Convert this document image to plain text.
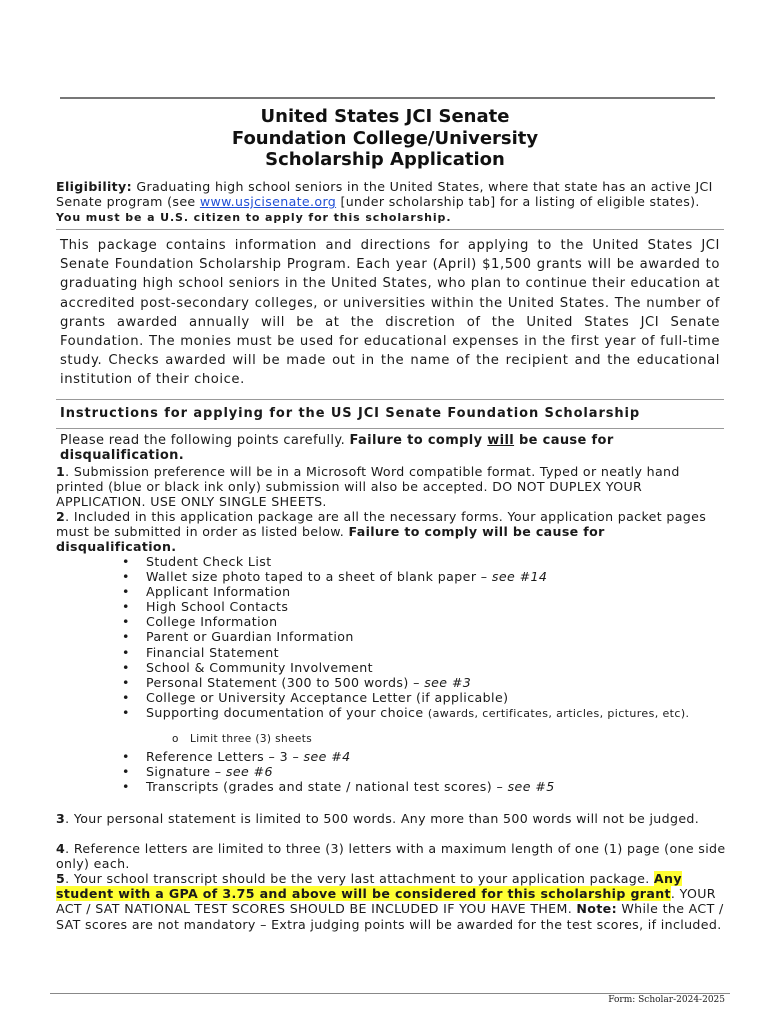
United States JCI Senate
Foundation College/University
Scholarship Application
Eligibility: Graduating high school seniors in the United States, where that state has an active JCI Senate program (see www.usjcisenate.org [under scholarship tab] for a listing of eligible states). You must be a U.S. citizen to apply for this scholarship.
This package contains information and directions for applying to the United States JCI Senate Foundation Scholarship Program. Each year (April) $1,500 grants will be awarded to graduating high school seniors in the United States, who plan to continue their education at accredited post-secondary colleges, or universities within the United States. The number of grants awarded annually will be at the discretion of the United States JCI Senate Foundation. The monies must be used for educational expenses in the first year of full-time study. Checks awarded will be made out in the name of the recipient and the educational institution of their choice.
Instructions for applying for the US JCI Senate Foundation Scholarship
Please read the following points carefully. Failure to comply will be cause for disqualification.
1. Submission preference will be in a Microsoft Word compatible format. Typed or neatly hand printed (blue or black ink only) submission will also be accepted. DO NOT DUPLEX YOUR APPLICATION. USE ONLY SINGLE SHEETS.
2. Included in this application package are all the necessary forms. Your application packet pages must be submitted in order as listed below. Failure to comply will be cause for disqualification.
• Student Check List
• Wallet size photo taped to a sheet of blank paper – see #14
• Applicant Information
• High School Contacts
• College Information
• Parent or Guardian Information
• Financial Statement
• School & Community Involvement
• Personal Statement (300 to 500 words) – see #3
• College or University Acceptance Letter (if applicable)
• Supporting documentation of your choice (awards, certificates, articles, pictures, etc).
• Reference Letters – 3 – see #4
• Signature – see #6
• Transcripts (grades and state / national test scores) – see #5
o Limit three (3) sheets
3. Your personal statement is limited to 500 words. Any more than 500 words will not be judged.
4. Reference letters are limited to three (3) letters with a maximum length of one (1) page (one side only) each.
5. Your school transcript should be the very last attachment to your application package. Any student with a GPA of 3.75 and above will be considered for this scholarship grant. YOUR ACT / SAT NATIONAL TEST SCORES SHOULD BE INCLUDED IF YOU HAVE THEM. Note: While the ACT / SAT scores are not mandatory – Extra judging points will be awarded for the test scores, if included.
Form: Scholar-2024-2025
